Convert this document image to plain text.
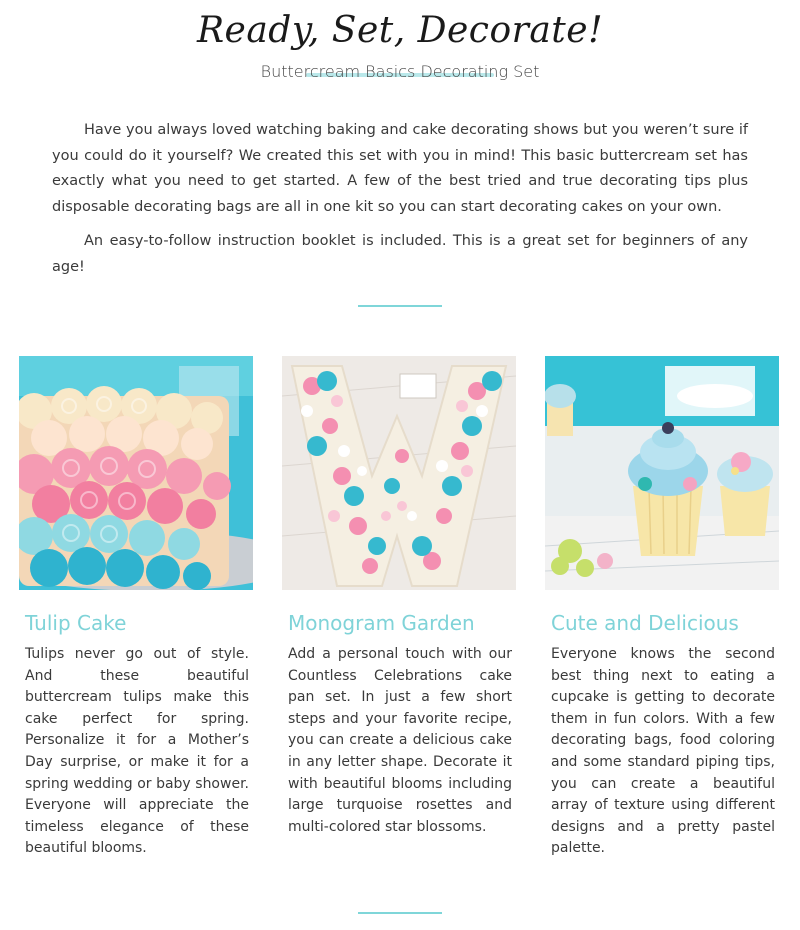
Ready, Set, Decorate!
Buttercream Basics Decorating Set

Have you always loved watching baking and cake decorating shows but you weren’t sure if you could do it yourself? We created this set with you in mind! This basic buttercream set has exactly what you need to get started. A few of the best tried and true decorating tips plus disposable decorating bags are all in one kit so you can start decorating cakes on your own.

An easy-to-follow instruction booklet is included. This is a great set for beginners of any age!

Tulip Cake
Tulips never go out of style. And these beautiful buttercream tulips make this cake perfect for spring. Personalize it for a Mother’s Day surprise, or make it for a spring wedding or baby shower. Everyone will appreciate the timeless elegance of these beautiful blooms.
Monogram Garden
Add a personal touch with our Countless Celebrations cake pan set. In just a few short steps and your favorite recipe, you can create a delicious cake in any letter shape. Decorate it with beautiful blooms including large turquoise rosettes and multi-colored star blossoms.
Cute and Delicious
Everyone knows the second best thing next to eating a cupcake is getting to decorate them in fun colors. With a few decorating bags, food coloring and some standard piping tips, you can create a beautiful array of texture using different designs and a pretty pastel palette.
